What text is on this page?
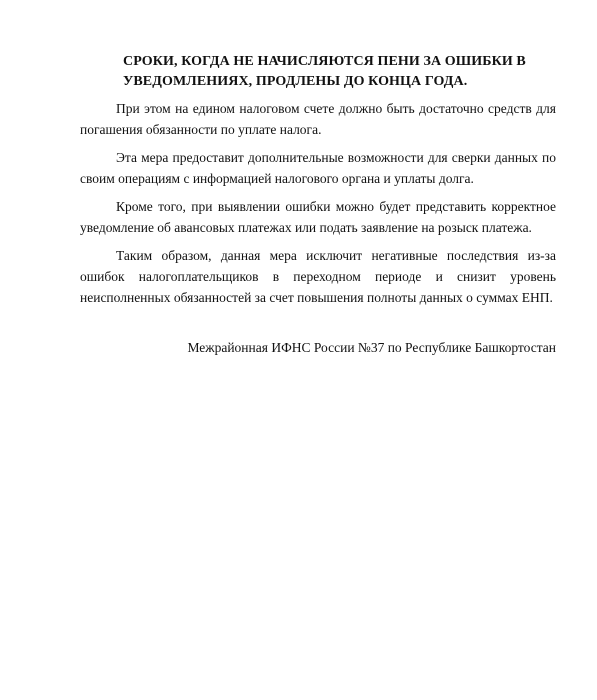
СРОКИ, КОГДА НЕ НАЧИСЛЯЮТСЯ ПЕНИ ЗА ОШИБКИ В УВЕДОМЛЕНИЯХ, ПРОДЛЕНЫ ДО КОНЦА ГОДА.

При этом на едином налоговом счете должно быть достаточно средств для погашения обязанности по уплате налога.

Эта мера предоставит дополнительные возможности для сверки данных по своим операциям с информацией налогового органа и уплаты долга.

Кроме того, при выявлении ошибки можно будет представить корректное уведомление об авансовых платежах или подать заявление на розыск платежа.

Таким образом, данная мера исключит негативные последствия из-за ошибок налогоплательщиков в переходном периоде и снизит уровень неисполненных обязанностей за счет повышения полноты данных о суммах ЕНП.

Межрайонная ИФНС России №37 по Республике Башкортостан
